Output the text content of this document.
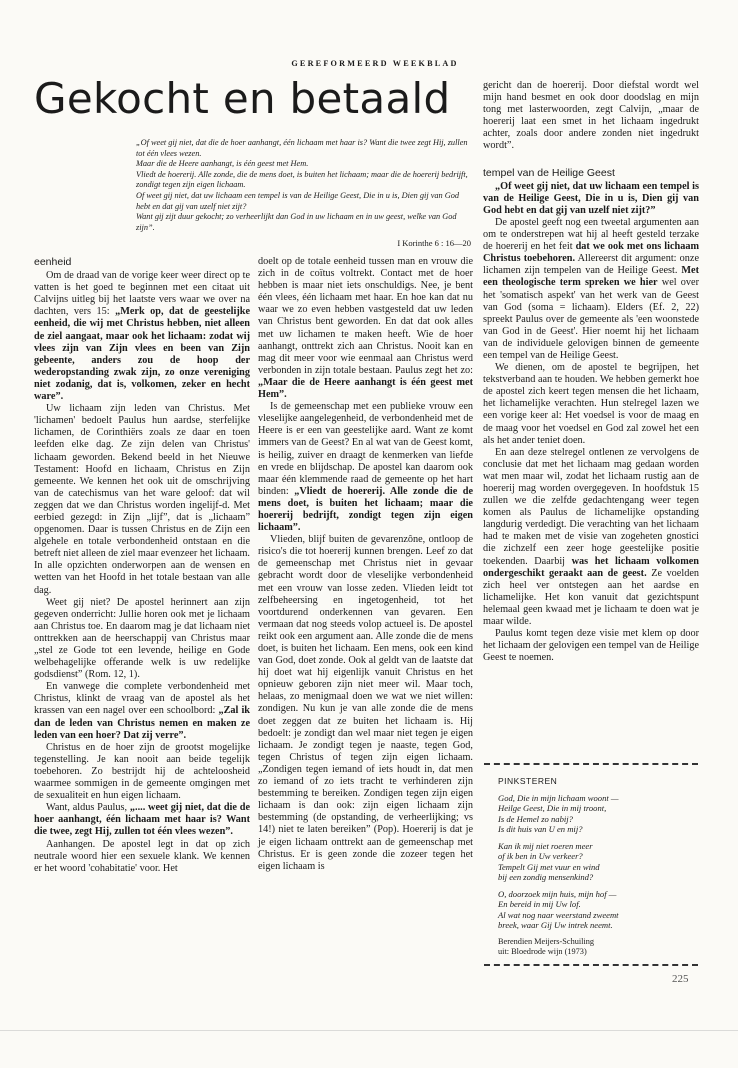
GEREFORMEERD WEEKBLAD
Gekocht en betaald

„Of weet gij niet, dat die de hoer aanhangt, één lichaam met haar is? Want die twee zegt Hij, zullen tot één vlees wezen.

Maar die de Heere aanhangt, is één geest met Hem.

Vliedt de hoererij. Alle zonde, die de mens doet, is buiten het lichaam; maar die de hoererij bedrijft, zondigt tegen zijn eigen lichaam.

Of weet gij niet, dat uw lichaam een tempel is van de Heilige Geest, Die in u is, Dien gij van God hebt en dat gij van uzelf niet zijt?

Want gij zijt duur gekocht; zo verheerlijkt dan God in uw lichaam en in uw geest, welke van God zijn”.

I Korinthe 6 : 16—20

eenheid

Om de draad van de vorige keer weer direct op te vatten is het goed te beginnen met een citaat uit Calvijns uitleg bij het laatste vers waar we over na dachten, vers 15: „Merk op, dat de geestelijke eenheid, die wij met Christus hebben, niet alleen de ziel aangaat, maar ook het lichaam: zodat wij vlees zijn van Zijn vlees en been van Zijn gebeente, anders zou de hoop der wederopstanding zwak zijn, zo onze vereniging niet zodanig, dat is, volkomen, zeker en hecht ware”.

Uw lichaam zijn leden van Christus. Met 'lichamen' bedoelt Paulus hun aardse, sterfelijke lichamen, de Corinthiërs zoals ze daar en toen leefden elke dag. Ze zijn delen van Christus' lichaam geworden. Bekend beeld in het Nieuwe Testament: Hoofd en lichaam, Christus en Zijn gemeente. We kennen het ook uit de omschrijving van de catechismus van het ware geloof: dat wil zeggen dat we dan Christus worden ingelijf-d. Met eerbied gezegd: in Zijn „lijf”, dat is „lichaam” opgenomen. Daar is tussen Christus en de Zijn een algehele en totale verbondenheid ontstaan en die betreft niet alleen de ziel maar evenzeer het lichaam. In alle opzichten onderworpen aan de wensen en wetten van het Hoofd in het totale bestaan van alle dag.

Weet gij niet? De apostel herinnert aan zijn gegeven onderricht: Jullie horen ook met je lichaam aan Christus toe. En daarom mag je dat lichaam niet onttrekken aan de heerschappij van Christus maar „stel ze Gode tot een levende, heilige en Gode welbehagelijke offerande welk is uw redelijke godsdienst” (Rom. 12, 1).

En vanwege die complete verbondenheid met Christus, klinkt de vraag van de apostel als het krassen van een nagel over een schoolbord: „Zal ik dan de leden van Christus nemen en maken ze leden van een hoer? Dat zij verre”.

Christus en de hoer zijn de grootst mogelijke tegenstelling. Je kan nooit aan beide tegelijk toebehoren. Zo bestrijdt hij de achteloosheid waarmee sommigen in de gemeente omgingen met de sexualiteit en hun eigen lichaam.

Want, aldus Paulus, „.... weet gij niet, dat die de hoer aanhangt, één lichaam met haar is? Want die twee, zegt Hij, zullen tot één vlees wezen”.

Aanhangen. De apostel legt in dat op zich neutrale woord hier een sexuele klank. We kennen er het woord 'cohabitatie' voor. Het

doelt op de totale eenheid tussen man en vrouw die zich in de coïtus voltrekt. Contact met de hoer hebben is maar niet iets onschuldigs. Nee, je bent één vlees, één lichaam met haar. En hoe kan dat nu waar we zo even hebben vastgesteld dat uw leden van Christus bent geworden. En dat dat ook alles met uw lichamen te maken heeft. Wie de hoer aanhangt, onttrekt zich aan Christus. Nooit kan en mag dit meer voor wie eenmaal aan Christus werd verbonden in zijn totale bestaan. Paulus zegt het zo: „Maar die de Heere aanhangt is één geest met Hem”.

Is de gemeenschap met een publieke vrouw een vleselijke aangelegenheid, de verbondenheid met de Heere is er een van geestelijke aard. Want ze komt immers van de Geest? En al wat van de Geest komt, is heilig, zuiver en draagt de kenmerken van liefde en vrede en blijdschap. De apostel kan daarom ook maar één klemmende raad de gemeente op het hart binden: „Vliedt de hoererij. Alle zonde die de mens doet, is buiten het lichaam; maar die hoererij bedrijft, zondigt tegen zijn eigen lichaam”.

Vlieden, blijf buiten de gevarenzône, ontloop de risico's die tot hoererij kunnen brengen. Leef zo dat de gemeenschap met Christus niet in gevaar gebracht wordt door de vleselijke verbondenheid met een vrouw van losse zeden. Vlieden leidt tot zelfbeheersing en ingetogenheid, tot het voortdurend onderkennen van gevaren. Een vermaan dat nog steeds volop actueel is. De apostel reikt ook een argument aan. Alle zonde die de mens doet, is buiten het lichaam. Een mens, ook een kind van God, doet zonde. Ook al geldt van de laatste dat hij doet wat hij eigenlijk vanuit Christus en het opnieuw geboren zijn niet meer wil. Maar toch, helaas, zo menigmaal doen we wat we niet willen: zondigen. Nu kun je van alle zonde die de mens doet zeggen dat ze buiten het lichaam is. Hij bedoelt: je zondigt dan wel maar niet tegen je eigen lichaam. Je zondigt tegen je naaste, tegen God, tegen Christus of tegen zijn eigen lichaam. „Zondigen tegen iemand of iets houdt in, dat men zo iemand of zo iets tracht te verhinderen zijn bestemming te bereiken. Zondigen tegen zijn eigen lichaam is dan ook: zijn eigen lichaam zijn bestemming (de opstanding, de verheerlijking; vs 14!) niet te laten bereiken” (Pop). Hoererij is dat je je eigen lichaam onttrekt aan de gemeenschap met Christus. Er is geen zonde die zozeer tegen het eigen lichaam is

gericht dan de hoererij. Door diefstal wordt wel mijn hand besmet en ook door doodslag en mijn tong met lasterwoorden, zegt Calvijn, „maar de hoererij laat een smet in het lichaam ingedrukt achter, zoals door andere zonden niet ingedrukt wordt”.

tempel van de Heilige Geest

„Of weet gij niet, dat uw lichaam een tempel is van de Heilige Geest, Die in u is, Dien gij van God hebt en dat gij van uzelf niet zijt?”

De apostel geeft nog een tweetal argumenten aan om te onderstrepen wat hij al heeft gesteld terzake de hoererij en het feit dat we ook met ons lichaam Christus toebehoren. Allereerst dit argument: onze lichamen zijn tempelen van de Heilige Geest. Met een theologische term spreken we hier wel over het 'somatisch aspekt' van het werk van de Geest van God (soma = lichaam). Elders (Ef. 2, 22) spreekt Paulus over de gemeente als 'een woonstede van God in de Geest'. Hier noemt hij het lichaam van de individuele gelovigen binnen de gemeente een tempel van de Heilige Geest.

We dienen, om de apostel te begrijpen, het tekstverband aan te houden. We hebben gemerkt hoe de apostel zich keert tegen mensen die het lichaam, het lichamelijke verachten. Hun stelregel lazen we een vorige keer al: Het voedsel is voor de maag en de maag voor het voedsel en God zal zowel het een als het ander teniet doen.

En aan deze stelregel ontlenen ze vervolgens de conclusie dat met het lichaam mag gedaan worden wat men maar wil, zodat het lichaam rustig aan de hoererij mag worden overgegeven. In hoofdstuk 15 zullen we die zelfde gedachtengang weer tegen komen als Paulus de lichamelijke opstanding langdurig verdedigt. Die verachting van het lichaam had te maken met de visie van zogeheten gnostici die zichzelf een zeer hoge geestelijke positie toekenden. Daarbij was het lichaam volkomen ondergeschikt geraakt aan de geest. Ze voelden zich heel ver ontstegen aan het aardse en lichamelijke. Het kon vanuit dat gezichtspunt helemaal geen kwaad met je lichaam te doen wat je maar wilde.

Paulus komt tegen deze visie met klem op door het lichaam der gelovigen een tempel van de Heilige Geest te noemen.

PINKSTEREN
God, Die in mijn lichaam woont —
Heilge Geest, Die in mij troont,
Is de Hemel zo nabij?
Is dit huis van U en mij?
Kan ik mij niet roeren meer
of ik ben in Uw verkeer?
Tempelt Gij met vuur en wind
bij een zondig mensenkind?
O, doorzoek mijn huis, mijn hof —
En bereid in mij Uw lof.
Al wat nog naar weerstand zweemt
breek, waar Gij Uw intrek neemt.
Berendien Meijers-Schuiling
uit: Bloedrode wijn (1973)
225
